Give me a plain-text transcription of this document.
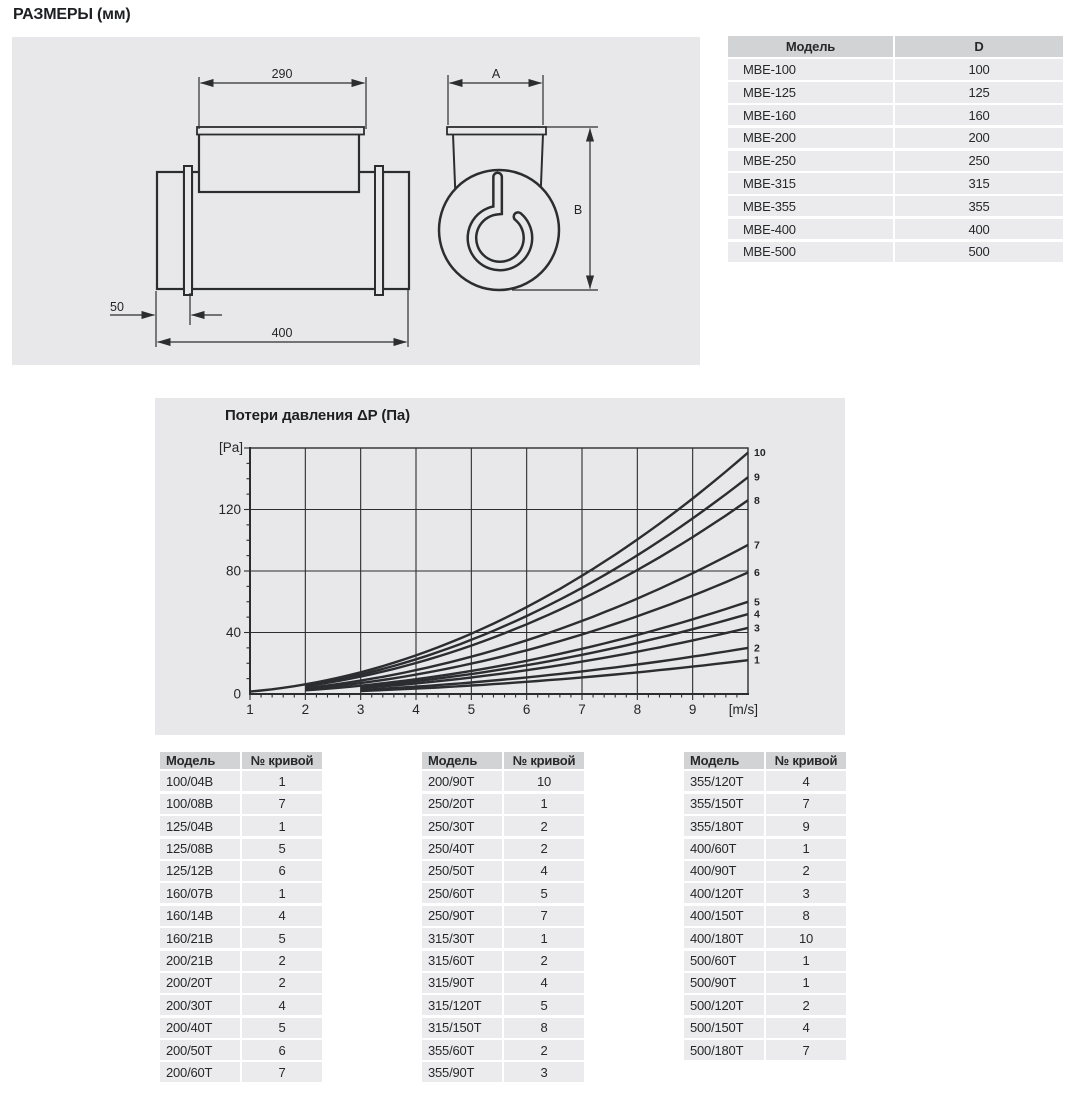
РАЗМЕРЫ (мм)
290
50
400
A
B
Модель	D
МВЕ-100	100
МВЕ-125	125
МВЕ-160	160
МВЕ-200	200
МВЕ-250	250
МВЕ-315	315
МВЕ-355	355
МВЕ-400	400
МВЕ-500	500
Потери давления ΔP (Па)
1
2
3
4
5
6
7
8
9
10
1	2	3	4	5	6	7	8	9 [m/s]
0
40
80
120
[Pa]
Модель	№ кривой
100/04В	1
100/08В	7
125/04В	1
125/08В	5
125/12В	6
160/07В	1
160/14В	4
160/21В	5
200/21В	2
200/20Т	2
200/30Т	4
200/40Т	5
200/50Т	6
200/60Т	7
Модель	№ кривой
200/90Т	10
250/20Т	1
250/30Т	2
250/40Т	2
250/50Т	4
250/60Т	5
250/90Т	7
315/30Т	1
315/60Т	2
315/90Т	4
315/120Т	5
315/150Т	8
355/60Т	2
355/90Т	3
Модель	№ кривой
355/120Т	4
355/150Т	7
355/180Т	9
400/60Т	1
400/90Т	2
400/120Т	3
400/150Т	8
400/180Т	10
500/60Т	1
500/90Т	1
500/120Т	2
500/150Т	4
500/180Т	7
